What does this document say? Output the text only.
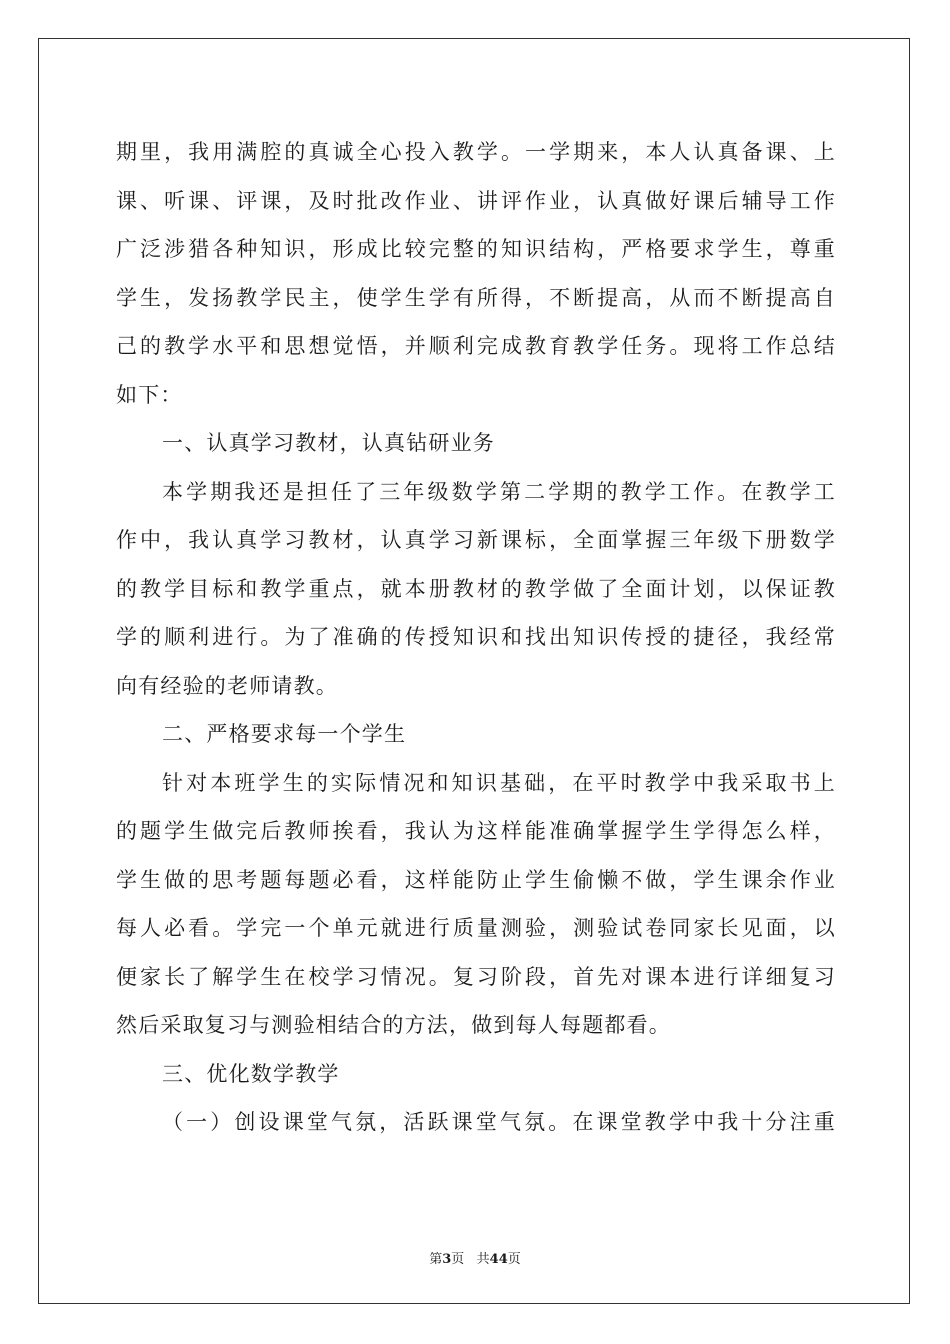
期里，我用满腔的真诚全心投入教学。一学期来，本人认真备课、上
课、听课、评课，及时批改作业、讲评作业，认真做好课后辅导工作
广泛涉猎各种知识，形成比较完整的知识结构，严格要求学生，尊重
学生，发扬教学民主，使学生学有所得，不断提高，从而不断提高自
己的教学水平和思想觉悟，并顺利完成教育教学任务。现将工作总结
如下：
一、认真学习教材，认真钻研业务
本学期我还是担任了三年级数学第二学期的教学工作。在教学工
作中，我认真学习教材，认真学习新课标，全面掌握三年级下册数学
的教学目标和教学重点，就本册教材的教学做了全面计划，以保证教
学的顺利进行。为了准确的传授知识和找出知识传授的捷径，我经常
向有经验的老师请教。
二、严格要求每一个学生
针对本班学生的实际情况和知识基础，在平时教学中我采取书上
的题学生做完后教师挨看，我认为这样能准确掌握学生学得怎么样，
学生做的思考题每题必看，这样能防止学生偷懒不做，学生课余作业
每人必看。学完一个单元就进行质量测验，测验试卷同家长见面，以
便家长了解学生在校学习情况。复习阶段，首先对课本进行详细复习
然后采取复习与测验相结合的方法，做到每人每题都看。
三、优化数学教学
（一）创设课堂气氛，活跃课堂气氛。在课堂教学中我十分注重
第3页   共44页
